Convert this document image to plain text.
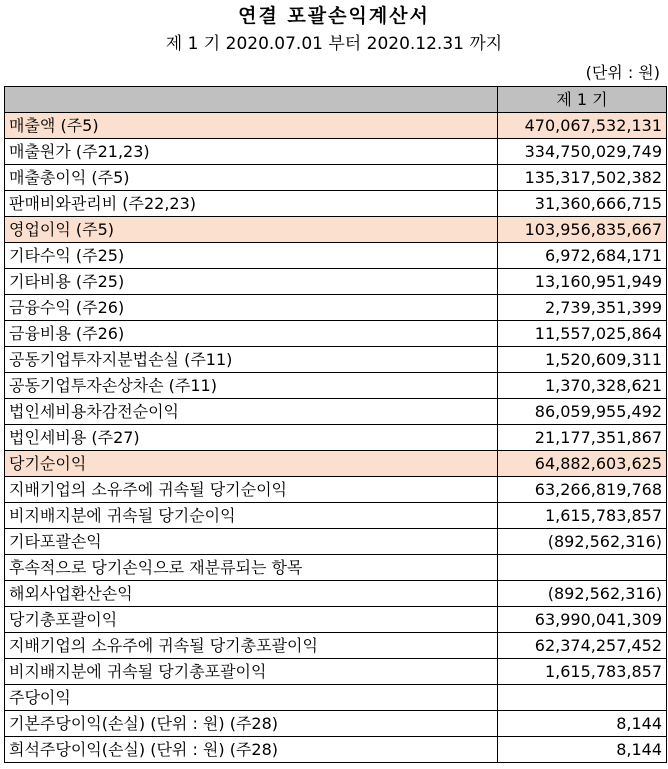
연결 포괄손익계산서
제 1 기 2020.07.01 부터 2020.12.31 까지
(단위 : 원)
	제 1 기
매출액 (주5)	470,067,532,131
매출원가 (주21,23)	334,750,029,749
매출총이익 (주5)	135,317,502,382
판매비와관리비 (주22,23)	31,360,666,715
영업이익 (주5)	103,956,835,667
기타수익 (주25)	6,972,684,171
기타비용 (주25)	13,160,951,949
금융수익 (주26)	2,739,351,399
금융비용 (주26)	11,557,025,864
공동기업투자지분법손실 (주11)	1,520,609,311
공동기업투자손상차손 (주11)	1,370,328,621
법인세비용차감전순이익	86,059,955,492
법인세비용 (주27)	21,177,351,867
당기순이익	64,882,603,625
지배기업의 소유주에 귀속될 당기순이익	63,266,819,768
비지배지분에 귀속될 당기순이익	1,615,783,857
기타포괄손익	(892,562,316)
후속적으로 당기손익으로 재분류되는 항목	
해외사업환산손익	(892,562,316)
당기총포괄이익	63,990,041,309
지배기업의 소유주에 귀속될 당기총포괄이익	62,374,257,452
비지배지분에 귀속될 당기총포괄이익	1,615,783,857
주당이익	
기본주당이익(손실) (단위 : 원) (주28)	8,144
희석주당이익(손실) (단위 : 원) (주28)	8,144
